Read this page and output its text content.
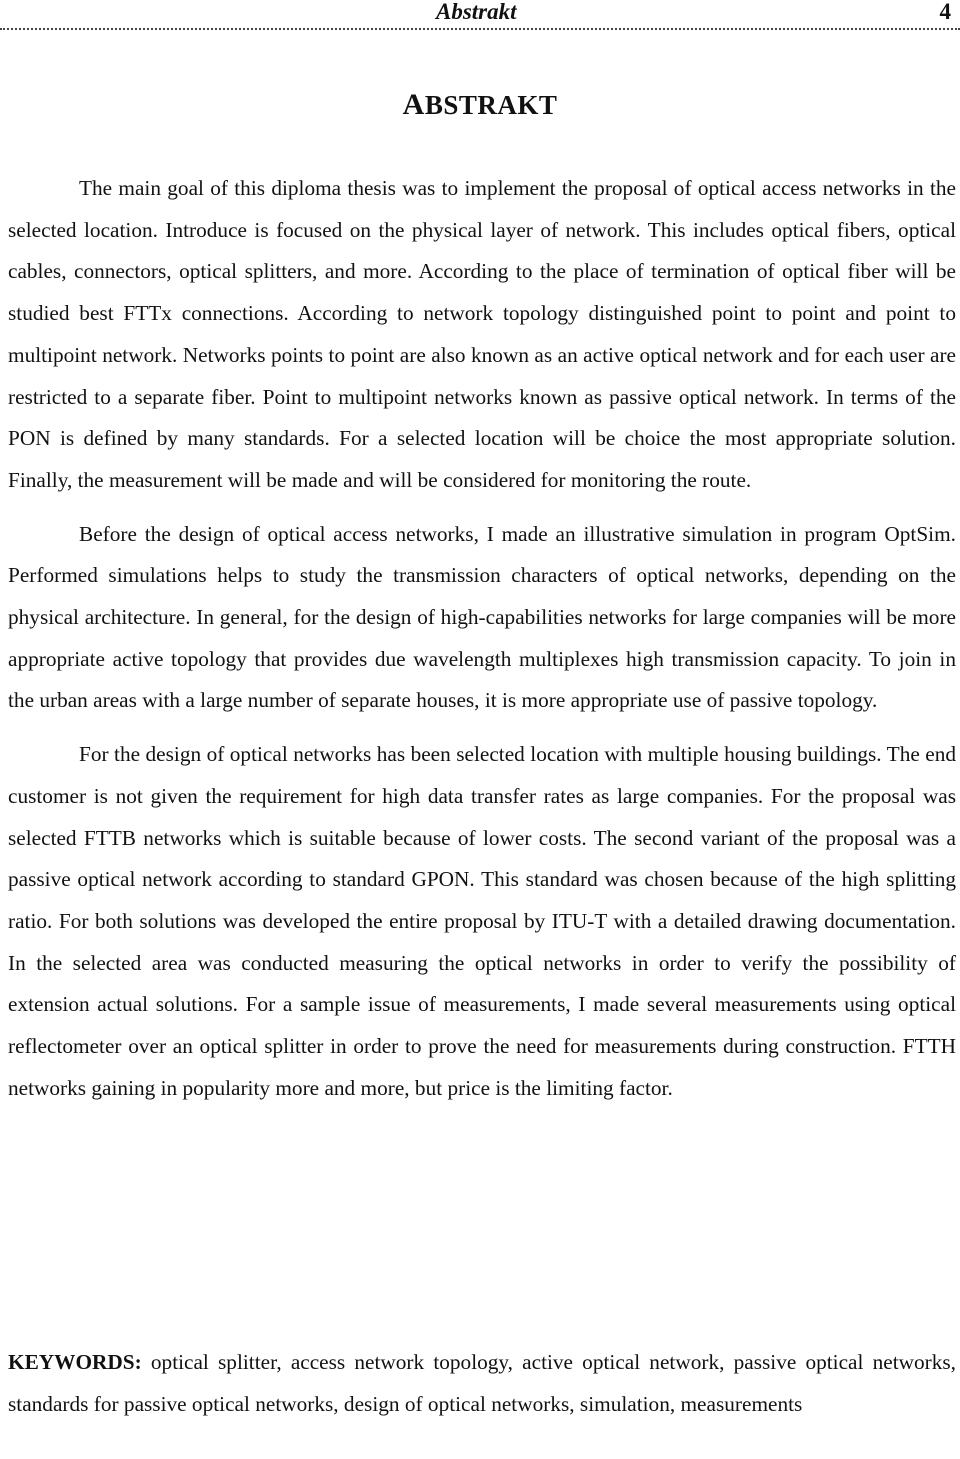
Abstrakt	4
ABSTRAKT

The main goal of this diploma thesis was to implement the proposal of optical access networks in the selected location. Introduce is focused on the physical layer of network. This includes optical fibers, optical cables, connectors, optical splitters, and more. According to the place of termination of optical fiber will be studied best FTTx connections. According to network topology distinguished point to point and point to multipoint network. Networks points to point are also known as an active optical network and for each user are restricted to a separate fiber. Point to multipoint networks known as passive optical network. In terms of the PON is defined by many standards. For a selected location will be choice the most appropriate solution. Finally, the measurement will be made and will be considered for monitoring the route.

Before the design of optical access networks, I made an illustrative simulation in program OptSim. Performed simulations helps to study the transmission characters of optical networks, depending on the physical architecture. In general, for the design of high-capabilities networks for large companies will be more appropriate active topology that provides due wavelength multiplexes high transmission capacity. To join in the urban areas with a large number of separate houses, it is more appropriate use of passive topology.

For the design of optical networks has been selected location with multiple housing buildings. The end customer is not given the requirement for high data transfer rates as large companies. For the proposal was selected FTTB networks which is suitable because of lower costs. The second variant of the proposal was a passive optical network according to standard GPON. This standard was chosen because of the high splitting ratio. For both solutions was developed the entire proposal by ITU-T with a detailed drawing documentation. In the selected area was conducted measuring the optical networks in order to verify the possibility of extension actual solutions. For a sample issue of measurements, I made several measurements using optical reflectometer over an optical splitter in order to prove the need for measurements during construction. FTTH networks gaining in popularity more and more, but price is the limiting factor.

KEYWORDS: optical splitter, access network topology, active optical network, passive optical networks, standards for passive optical networks, design of optical networks, simulation, measurements
